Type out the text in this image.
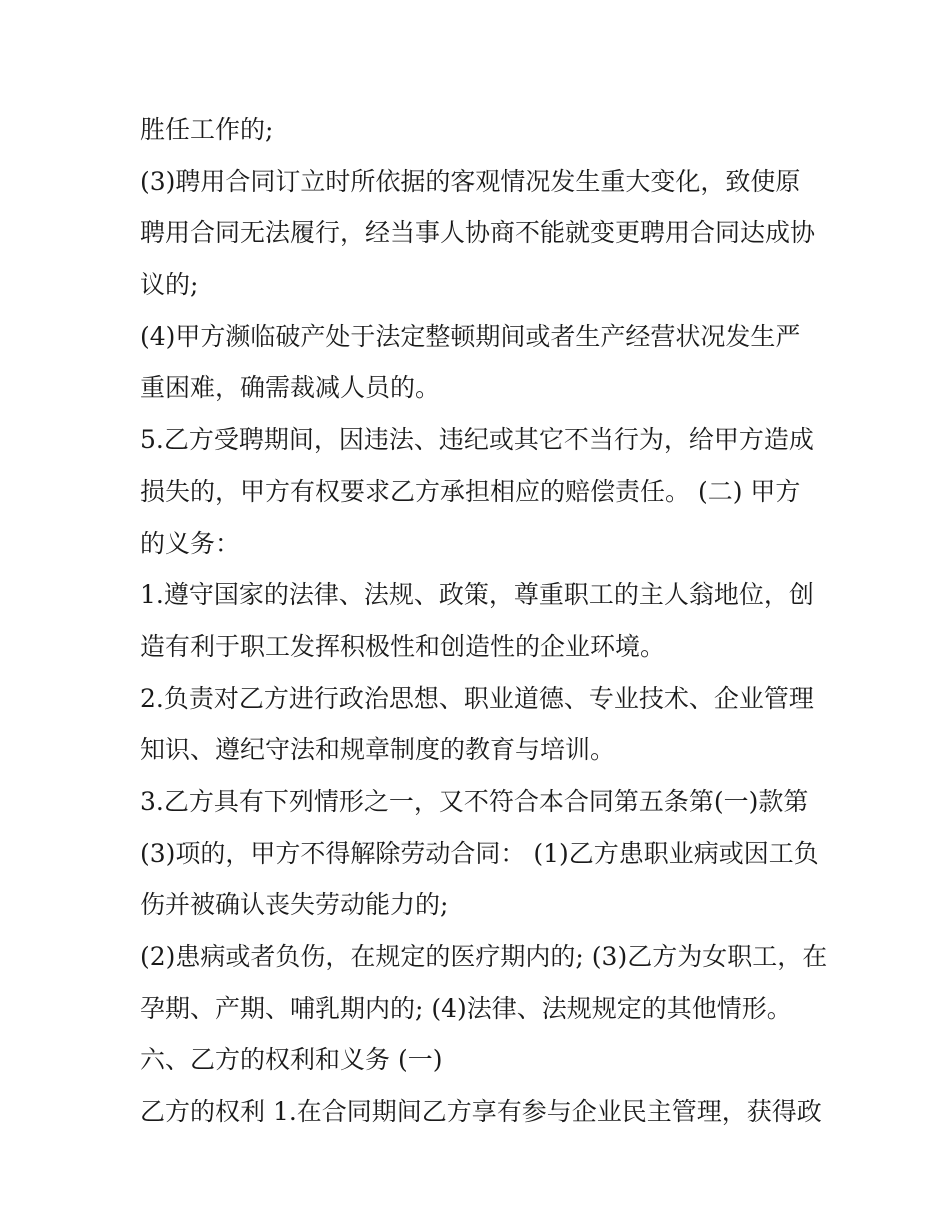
胜任工作的;
(3)聘用合同订立时所依据的客观情况发生重大变化，致使原
聘用合同无法履行，经当事人协商不能就变更聘用合同达成协
议的;
(4)甲方濒临破产处于法定整顿期间或者生产经营状况发生严
重困难，确需裁减人员的。
5.乙方受聘期间，因违法、违纪或其它不当行为，给甲方造成
损失的，甲方有权要求乙方承担相应的赔偿责任。 (二) 甲方
的义务：
1.遵守国家的法律、法规、政策，尊重职工的主人翁地位，创
造有利于职工发挥积极性和创造性的企业环境。
2.负责对乙方进行政治思想、职业道德、专业技术、企业管理
知识、遵纪守法和规章制度的教育与培训。
3.乙方具有下列情形之一，又不符合本合同第五条第(一)款第
(3)项的，甲方不得解除劳动合同： (1)乙方患职业病或因工负
伤并被确认丧失劳动能力的;
(2)患病或者负伤，在规定的医疗期内的; (3)乙方为女职工，在
孕期、产期、哺乳期内的; (4)法律、法规规定的其他情形。
六、乙方的权利和义务 (一)
乙方的权利 1.在合同期间乙方享有参与企业民主管理，获得政
